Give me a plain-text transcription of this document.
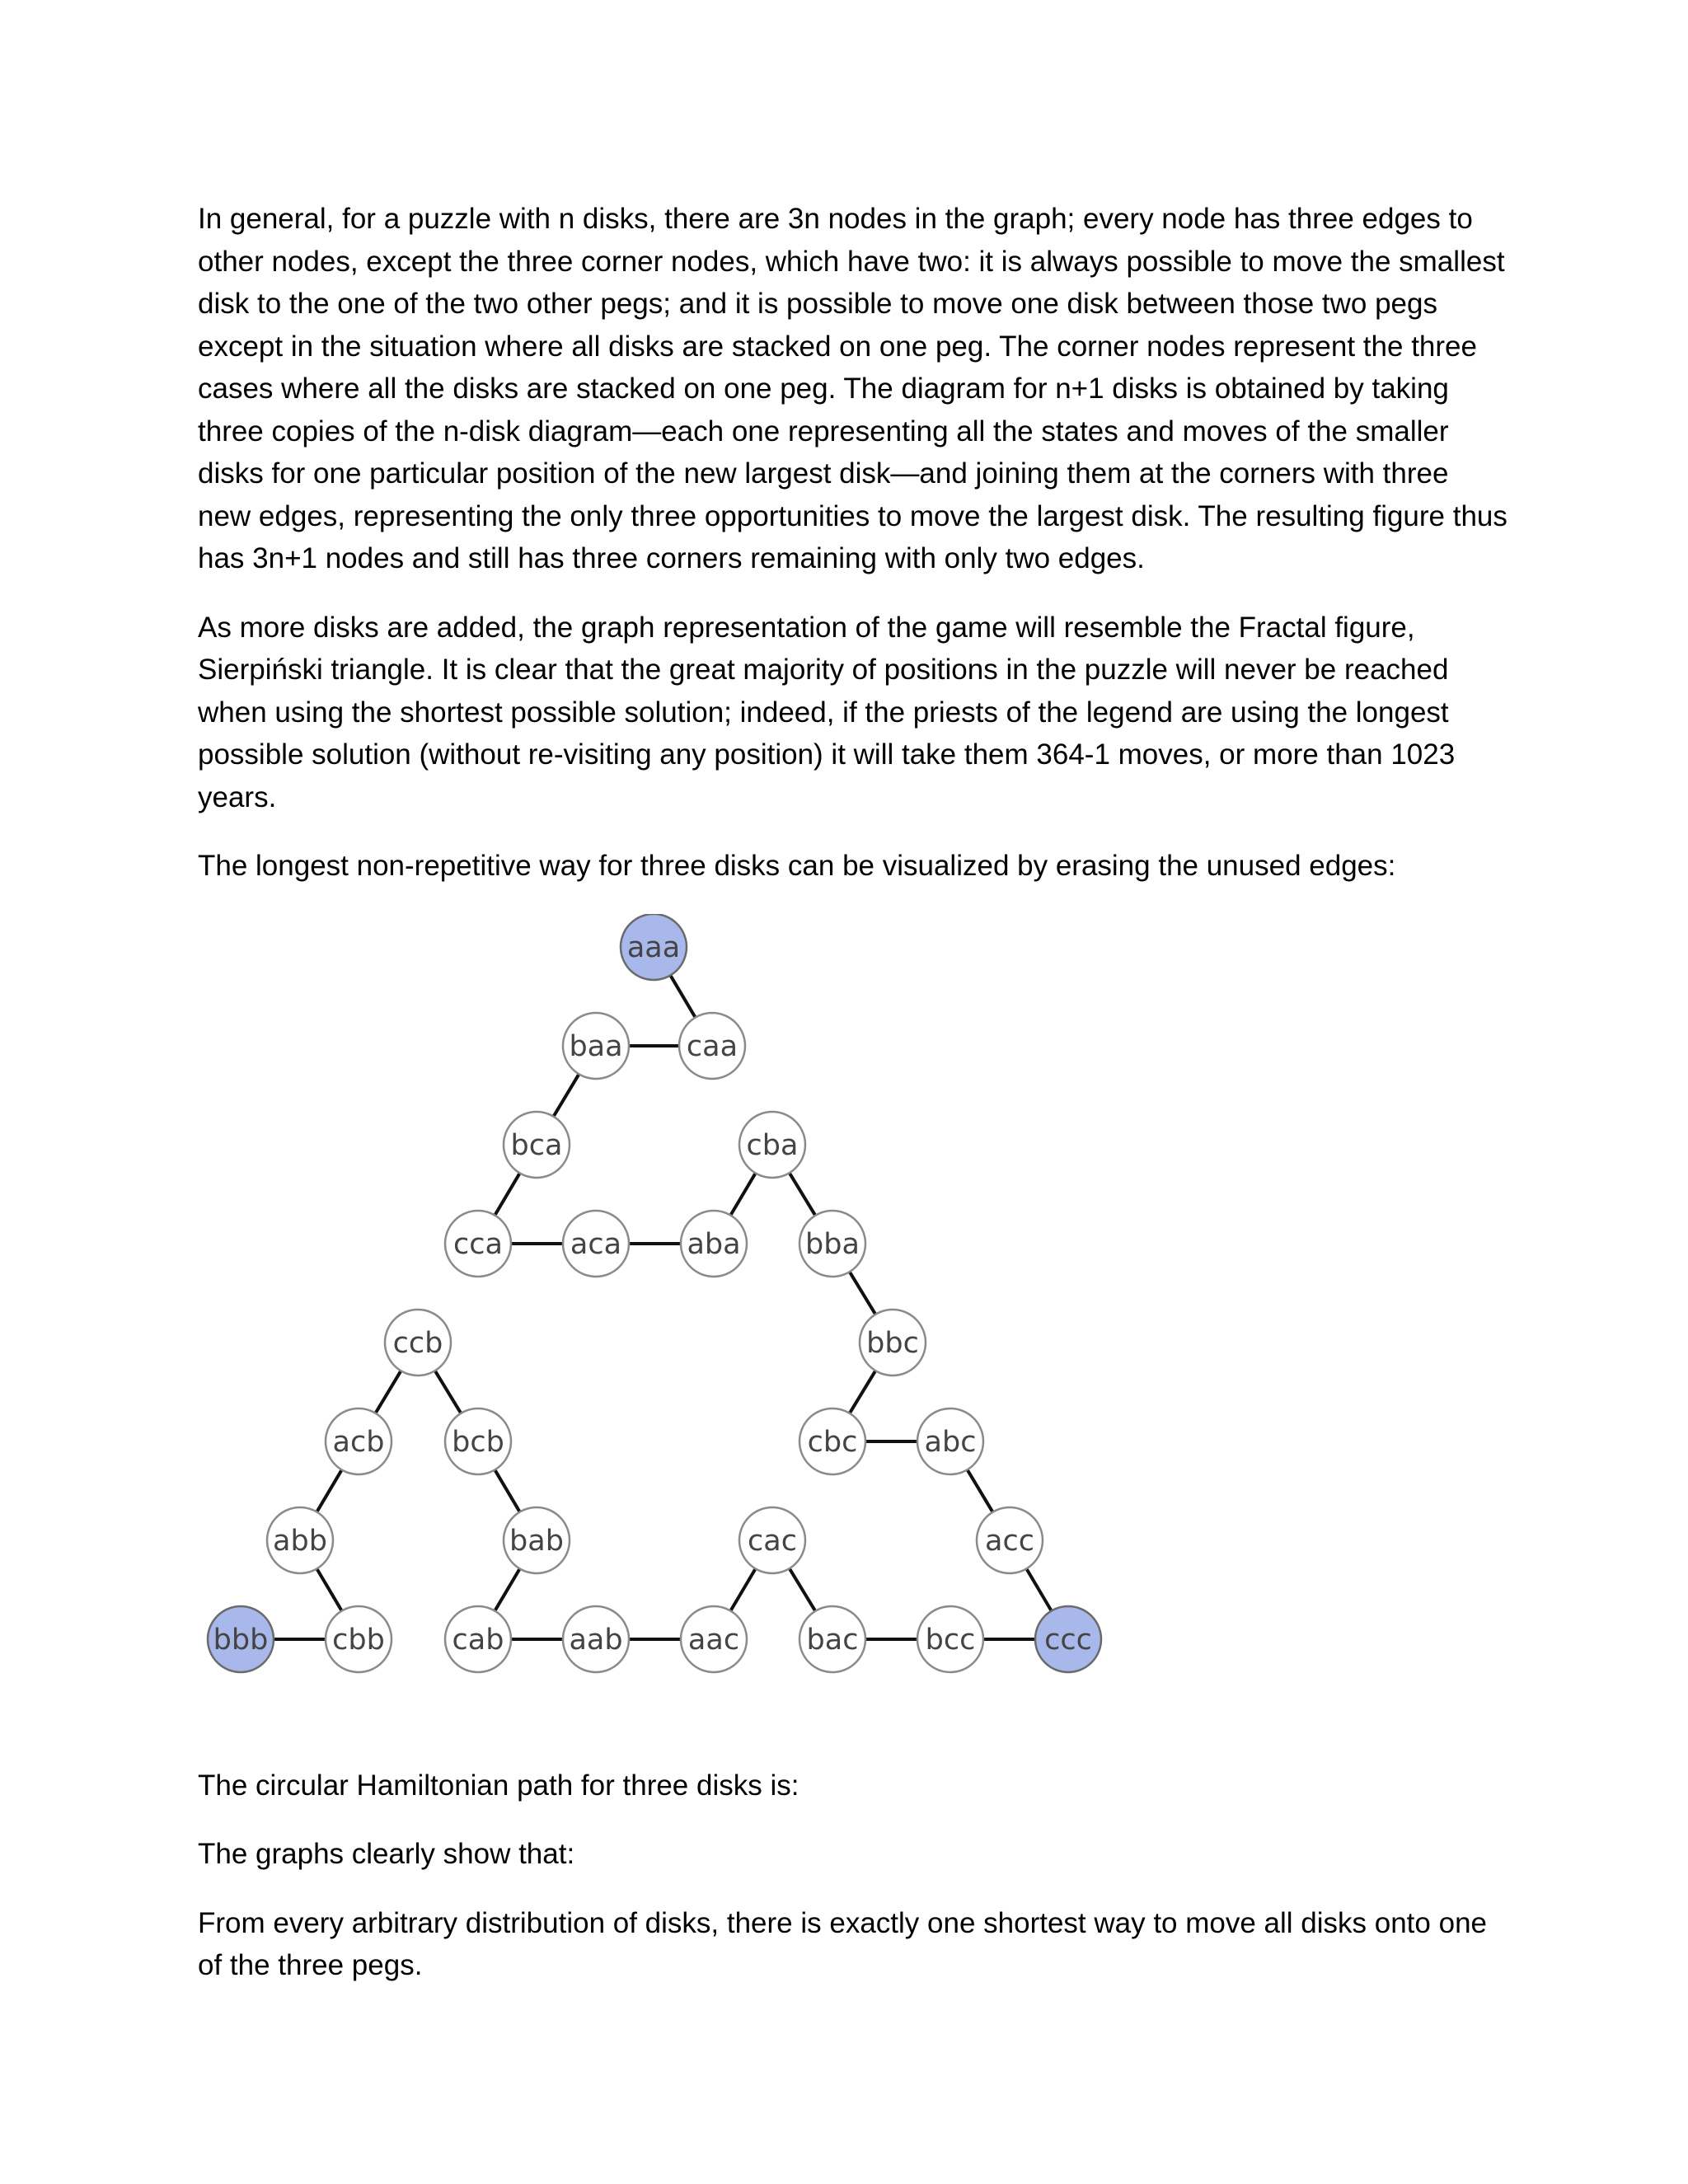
In general, for a puzzle with n disks, there are 3n nodes in the graph; every node has three edges to other nodes, except the three corner nodes, which have two: it is always possible to move the smallest disk to the one of the two other pegs; and it is possible to move one disk between those two pegs except in the situation where all disks are stacked on one peg. The corner nodes represent the three cases where all the disks are stacked on one peg. The diagram for n+1 disks is obtained by taking three copies of the n-disk diagram—each one representing all the states and moves of the smaller disks for one particular position of the new largest disk—and joining them at the corners with three new edges, representing the only three opportunities to move the largest disk. The resulting figure thus has 3n+1 nodes and still has three corners remaining with only two edges.

As more disks are added, the graph representation of the game will resemble the Fractal figure, Sierpiński triangle. It is clear that the great majority of positions in the puzzle will never be reached when using the shortest possible solution; indeed, if the priests of the legend are using the longest possible solution (without re-visiting any position) it will take them 364-1 moves, or more than 1023 years.

The longest non-repetitive way for three disks can be visualized by erasing the unused edges:

aaa
baa caa
bca	cba
cca aca aba bba
ccb	bbc
acb bcb	cbc abc
abb	bab	cac	acc
bbb cbb cab aab aac bac bcc ccc

The circular Hamiltonian path for three disks is:

The graphs clearly show that:

From every arbitrary distribution of disks, there is exactly one shortest way to move all disks onto one of the three pegs.
